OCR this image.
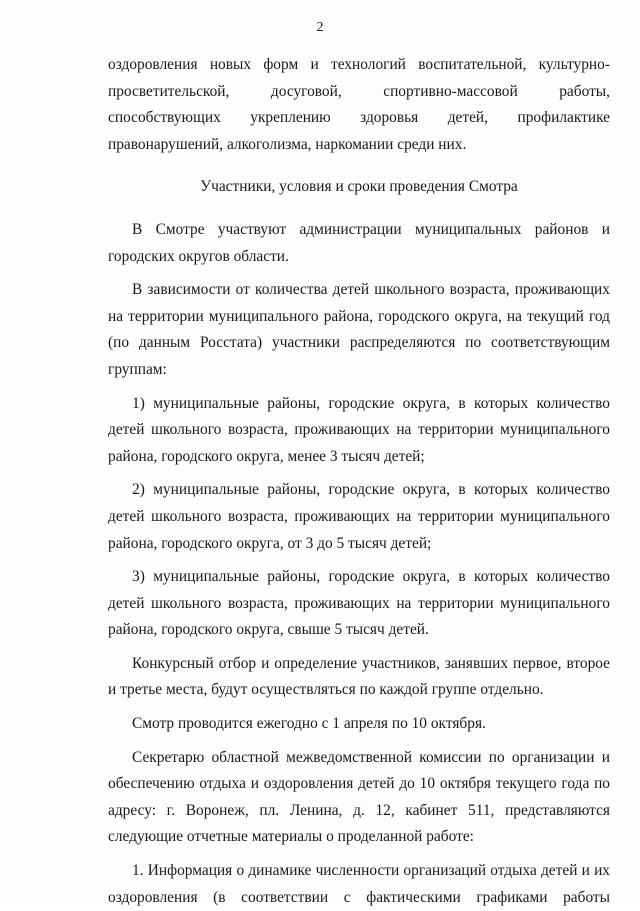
2

оздоровления новых форм и технологий воспитательной, культурно-просветительской, досуговой, спортивно-массовой работы, способствующих укреплению здоровья детей, профилактике правонарушений, алкоголизма, наркомании среди них.

Участники, условия и сроки проведения Смотра

В Смотре участвуют администрации муниципальных районов и городских округов области.

В зависимости от количества детей школьного возраста, проживающих на территории муниципального района, городского округа, на текущий год (по данным Росстата) участники распределяются по соответствующим группам:

1) муниципальные районы, городские округа, в которых количество детей школьного возраста, проживающих на территории муниципального района, городского округа, менее 3 тысяч детей;

2) муниципальные районы, городские округа, в которых количество детей школьного возраста, проживающих на территории муниципального района, городского округа, от 3 до 5 тысяч детей;

3) муниципальные районы, городские округа, в которых количество детей школьного возраста, проживающих на территории муниципального района, городского округа, свыше 5 тысяч детей.

Конкурсный отбор и определение участников, занявших первое, второе и третье места, будут осуществляться по каждой группе отдельно.

Смотр проводится ежегодно с 1 апреля по 10 октября.

Секретарю областной межведомственной комиссии по организации и обеспечению отдыха и оздоровления детей до 10 октября текущего года по адресу: г. Воронеж, пл. Ленина, д. 12, кабинет 511, представляются следующие отчетные материалы о проделанной работе:

1. Информация о динамике численности организаций отдыха детей и их оздоровления (в соответствии с фактическими графиками работы
